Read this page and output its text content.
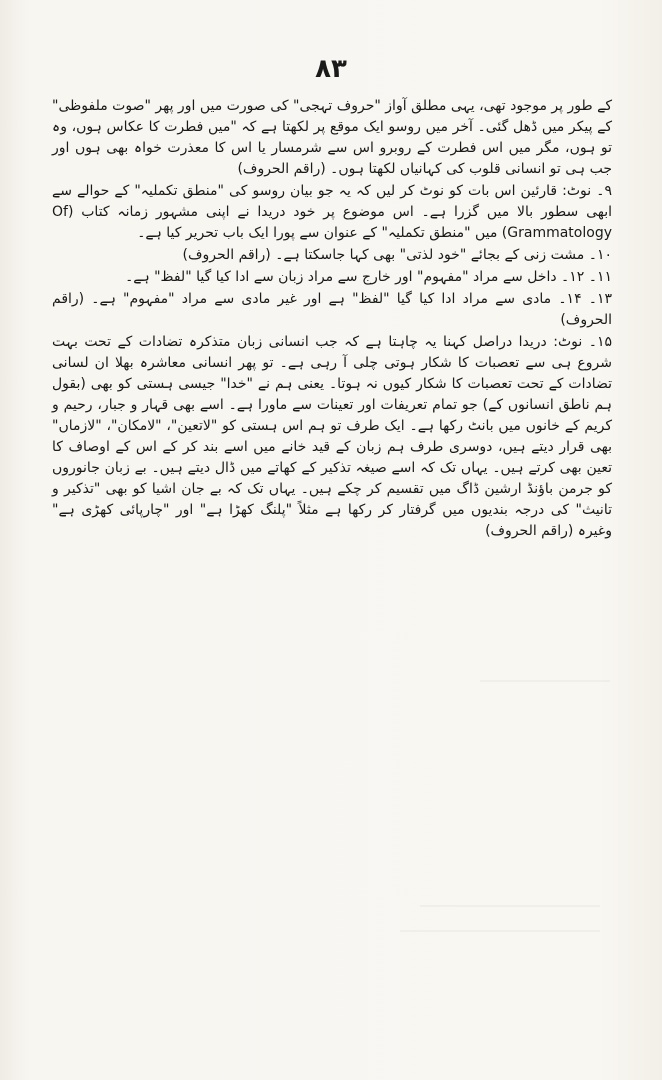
۸۳

کے طور پر موجود تھی، یہی مطلق آواز "حروف تہجی" کی صورت میں اور پھر "صوت ملفوظی" کے پیکر میں ڈھل گئی۔ آخر میں روسو ایک موقع پر لکھتا ہے کہ "میں فطرت کا عکاس ہوں، وہ تو ہوں، مگر میں اس فطرت کے روبرو اس سے شرمسار یا اس کا معذرت خواہ بھی ہوں اور جب ہی تو انسانی قلوب کی کہانیاں لکھتا ہوں۔ (راقم الحروف)

۹۔ نوٹ: قارئین اس بات کو نوٹ کر لیں کہ یہ جو بیان روسو کی "منطق تکملیہ" کے حوالے سے ابھی سطور بالا میں گزرا ہے۔ اس موضوع پر خود دریدا نے اپنی مشہور زمانہ کتاب (Of Grammatology) میں "منطق تکملیہ" کے عنوان سے پورا ایک باب تحریر کیا ہے۔

۱۰۔ مشت زنی کے بجائے "خود لذتی" بھی کہا جاسکتا ہے۔ (راقم الحروف)

۱۱۔ ۱۲۔ داخل سے مراد "مفہوم" اور خارج سے مراد زبان سے ادا کیا گیا "لفظ" ہے۔

۱۳۔ ۱۴۔ مادی سے مراد ادا کیا گیا "لفظ" ہے اور غیر مادی سے مراد "مفہوم" ہے۔ (راقم الحروف)

۱۵۔ نوٹ: دریدا دراصل کہنا یہ چاہتا ہے کہ جب انسانی زبان متذکرہ تضادات کے تحت بہت شروع ہی سے تعصبات کا شکار ہوتی چلی آ رہی ہے۔ تو پھر انسانی معاشرہ بھلا ان لسانی تضادات کے تحت تعصبات کا شکار کیوں نہ ہوتا۔ یعنی ہم نے "خدا" جیسی ہستی کو بھی (بقول ہم ناطق انسانوں کے) جو تمام تعریفات اور تعینات سے ماورا ہے۔ اسے بھی قہار و جبار، رحیم و کریم کے خانوں میں بانٹ رکھا ہے۔ ایک طرف تو ہم اس ہستی کو "لاتعین"، "لامکان"، "لازماں" بھی قرار دیتے ہیں، دوسری طرف ہم زبان کے قید خانے میں اسے بند کر کے اس کے اوصاف کا تعین بھی کرتے ہیں۔ یہاں تک کہ اسے صیغہ تذکیر کے کھاتے میں ڈال دیتے ہیں۔ بے زبان جانوروں کو جرمن باؤنڈ ارشین ڈاگ میں تقسیم کر چکے ہیں۔ یہاں تک کہ بے جان اشیا کو بھی "تذکیر و تانیث" کی درجہ بندیوں میں گرفتار کر رکھا ہے مثلاً "پلنگ کھڑا ہے" اور "چارپائی کھڑی ہے" وغیرہ (راقم الحروف)
